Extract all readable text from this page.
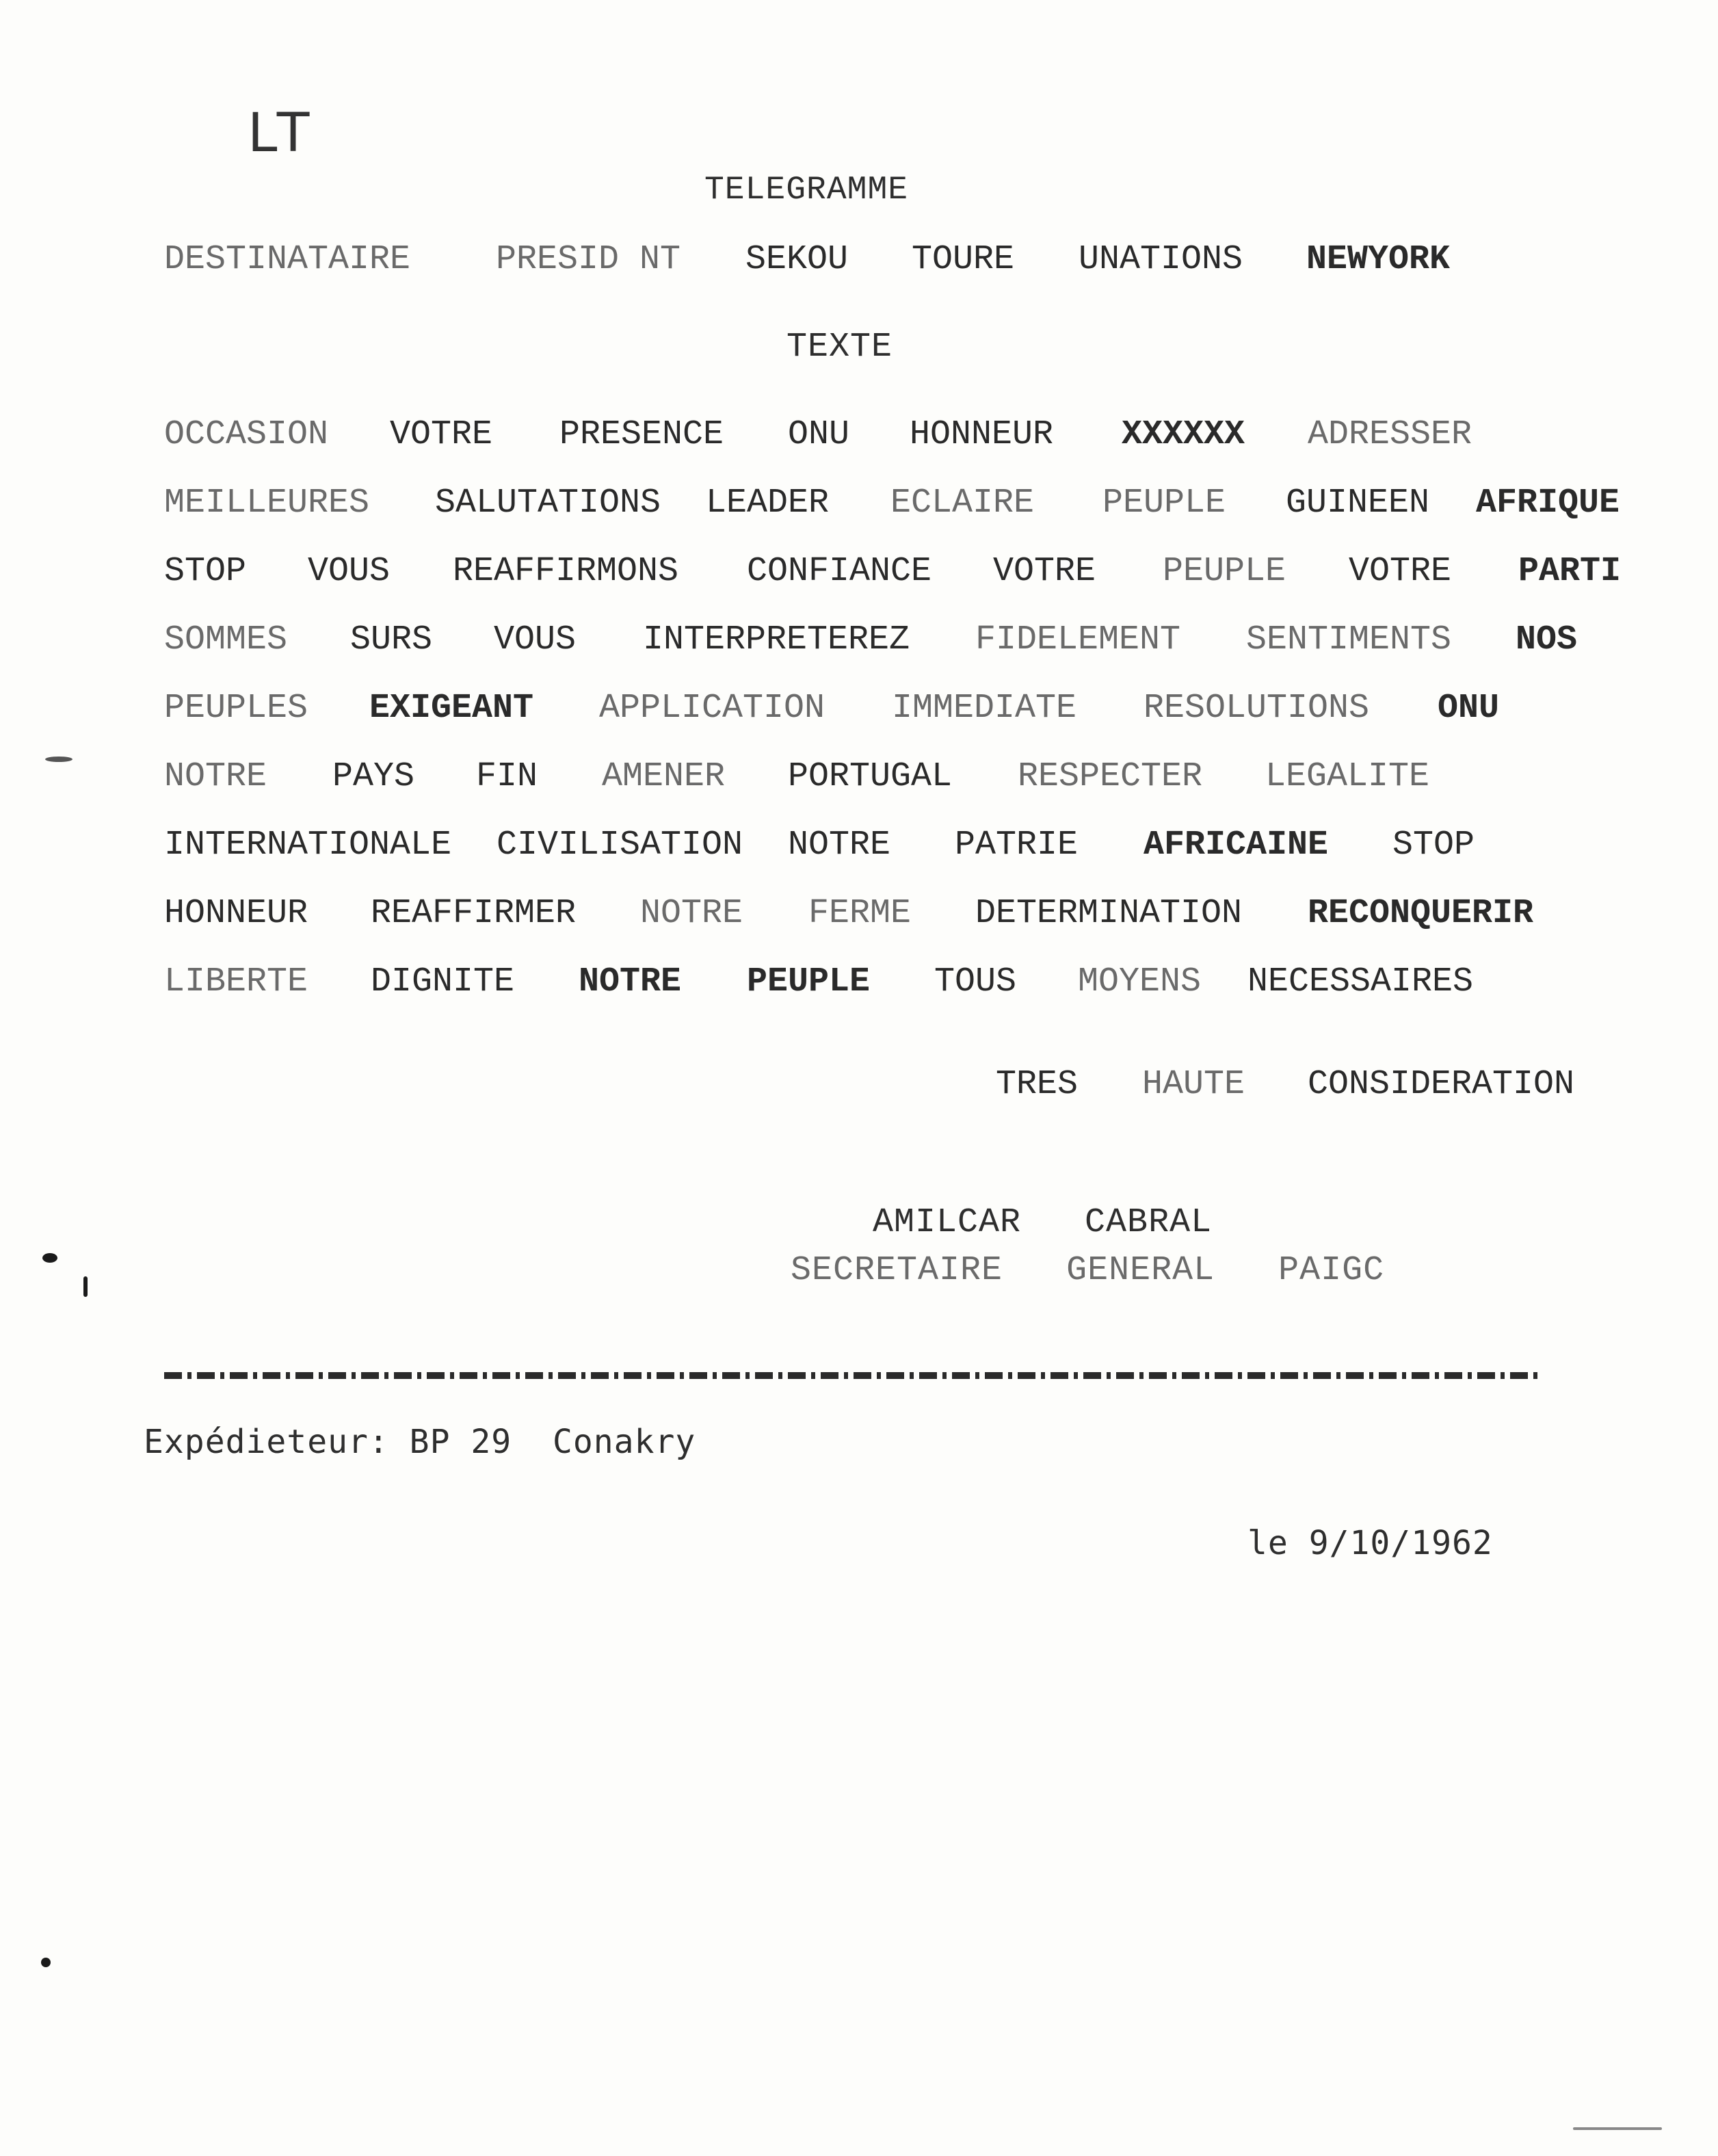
LT
TELEGRAMME
DESTINATAIRE PRESID NT SEKOU TOURE UNATIONS NEWYORK
TEXTE
OCCASION VOTRE PRESENCE ONU HONNEUR XXXXXX ADRESSER
MEILLEURES SALUTATIONS LEADER ECLAIRE PEUPLE GUINEEN AFRIQUE
STOP VOUS REAFFIRMONS CONFIANCE VOTRE PEUPLE VOTRE PARTI
SOMMES SURS VOUS INTERPRETEREZ FIDELEMENT SENTIMENTS NOS
PEUPLES EXIGEANT APPLICATION IMMEDIATE RESOLUTIONS ONU
NOTRE PAYS FIN AMENER PORTUGAL RESPECTER LEGALITE
INTERNATIONALE CIVILISATION NOTRE PATRIE AFRICAINE STOP
HONNEUR REAFFIRMER NOTRE FERME DETERMINATION RECONQUERIR
LIBERTE DIGNITE NOTRE PEUPLE TOUS MOYENS NECESSAIRES
TRES HAUTE CONSIDERATION
AMILCAR   CABRAL
SECRETAIRE   GENERAL   PAIGC
Expédieteur: BP 29  Conakry
le 9/10/1962
